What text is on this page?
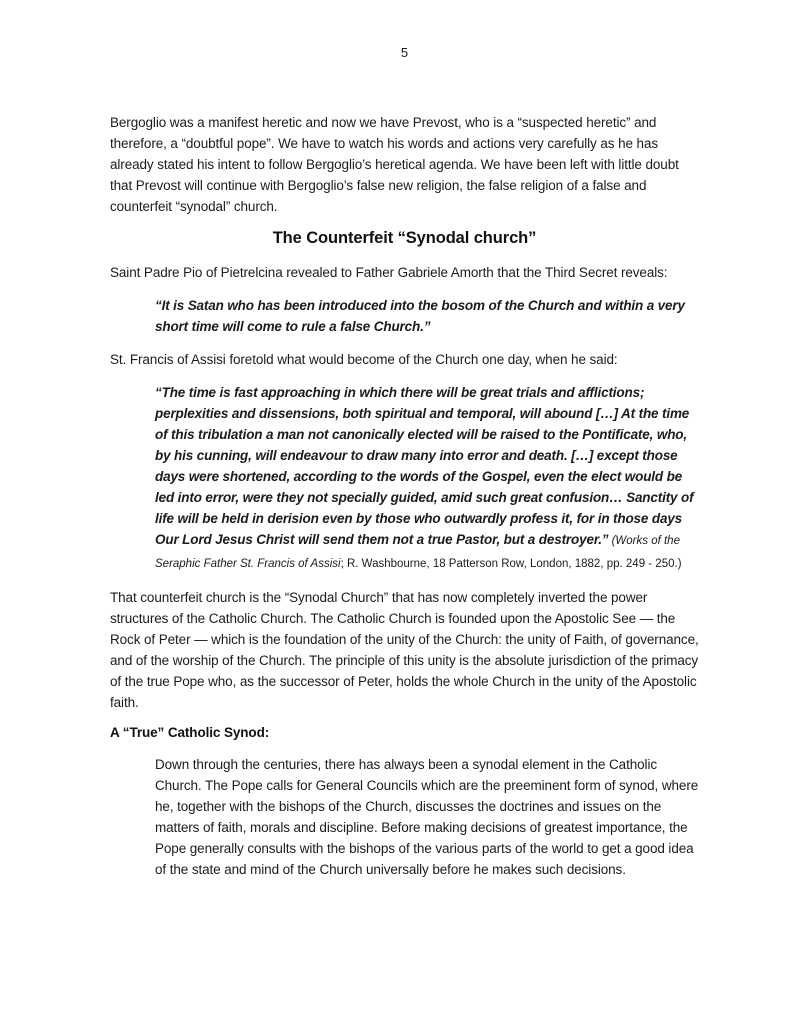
5

Bergoglio was a manifest heretic and now we have Prevost, who is a “suspected heretic” and therefore, a “doubtful pope”. We have to watch his words and actions very carefully as he has already stated his intent to follow Bergoglio’s heretical agenda. We have been left with little doubt that Prevost will continue with Bergoglio’s false new religion, the false religion of a false and counterfeit “synodal” church.

The Counterfeit “Synodal church”

Saint Padre Pio of Pietrelcina revealed to Father Gabriele Amorth that the Third Secret reveals:

“It is Satan who has been introduced into the bosom of the Church and within a very short time will come to rule a false Church.”

St. Francis of Assisi foretold what would become of the Church one day, when he said:

“The time is fast approaching in which there will be great trials and afflictions; perplexities and dissensions, both spiritual and temporal, will abound […] At the time of this tribulation a man not canonically elected will be raised to the Pontificate, who, by his cunning, will endeavour to draw many into error and death. […] except those days were shortened, according to the words of the Gospel, even the elect would be led into error, were they not specially guided, amid such great confusion… Sanctity of life will be held in derision even by those who outwardly profess it, for in those days Our Lord Jesus Christ will send them not a true Pastor, but a destroyer.” (Works of the Seraphic Father St. Francis of Assisi; R. Washbourne, 18 Patterson Row, London, 1882, pp. 249 - 250.)

That counterfeit church is the “Synodal Church” that has now completely inverted the power structures of the Catholic Church. The Catholic Church is founded upon the Apostolic See — the Rock of Peter — which is the foundation of the unity of the Church: the unity of Faith, of governance, and of the worship of the Church. The principle of this unity is the absolute jurisdiction of the primacy of the true Pope who, as the successor of Peter, holds the whole Church in the unity of the Apostolic faith.

A “True” Catholic Synod:

Down through the centuries, there has always been a synodal element in the Catholic Church. The Pope calls for General Councils which are the preeminent form of synod, where he, together with the bishops of the Church, discusses the doctrines and issues on the matters of faith, morals and discipline. Before making decisions of greatest importance, the Pope generally consults with the bishops of the various parts of the world to get a good idea of the state and mind of the Church universally before he makes such decisions.
